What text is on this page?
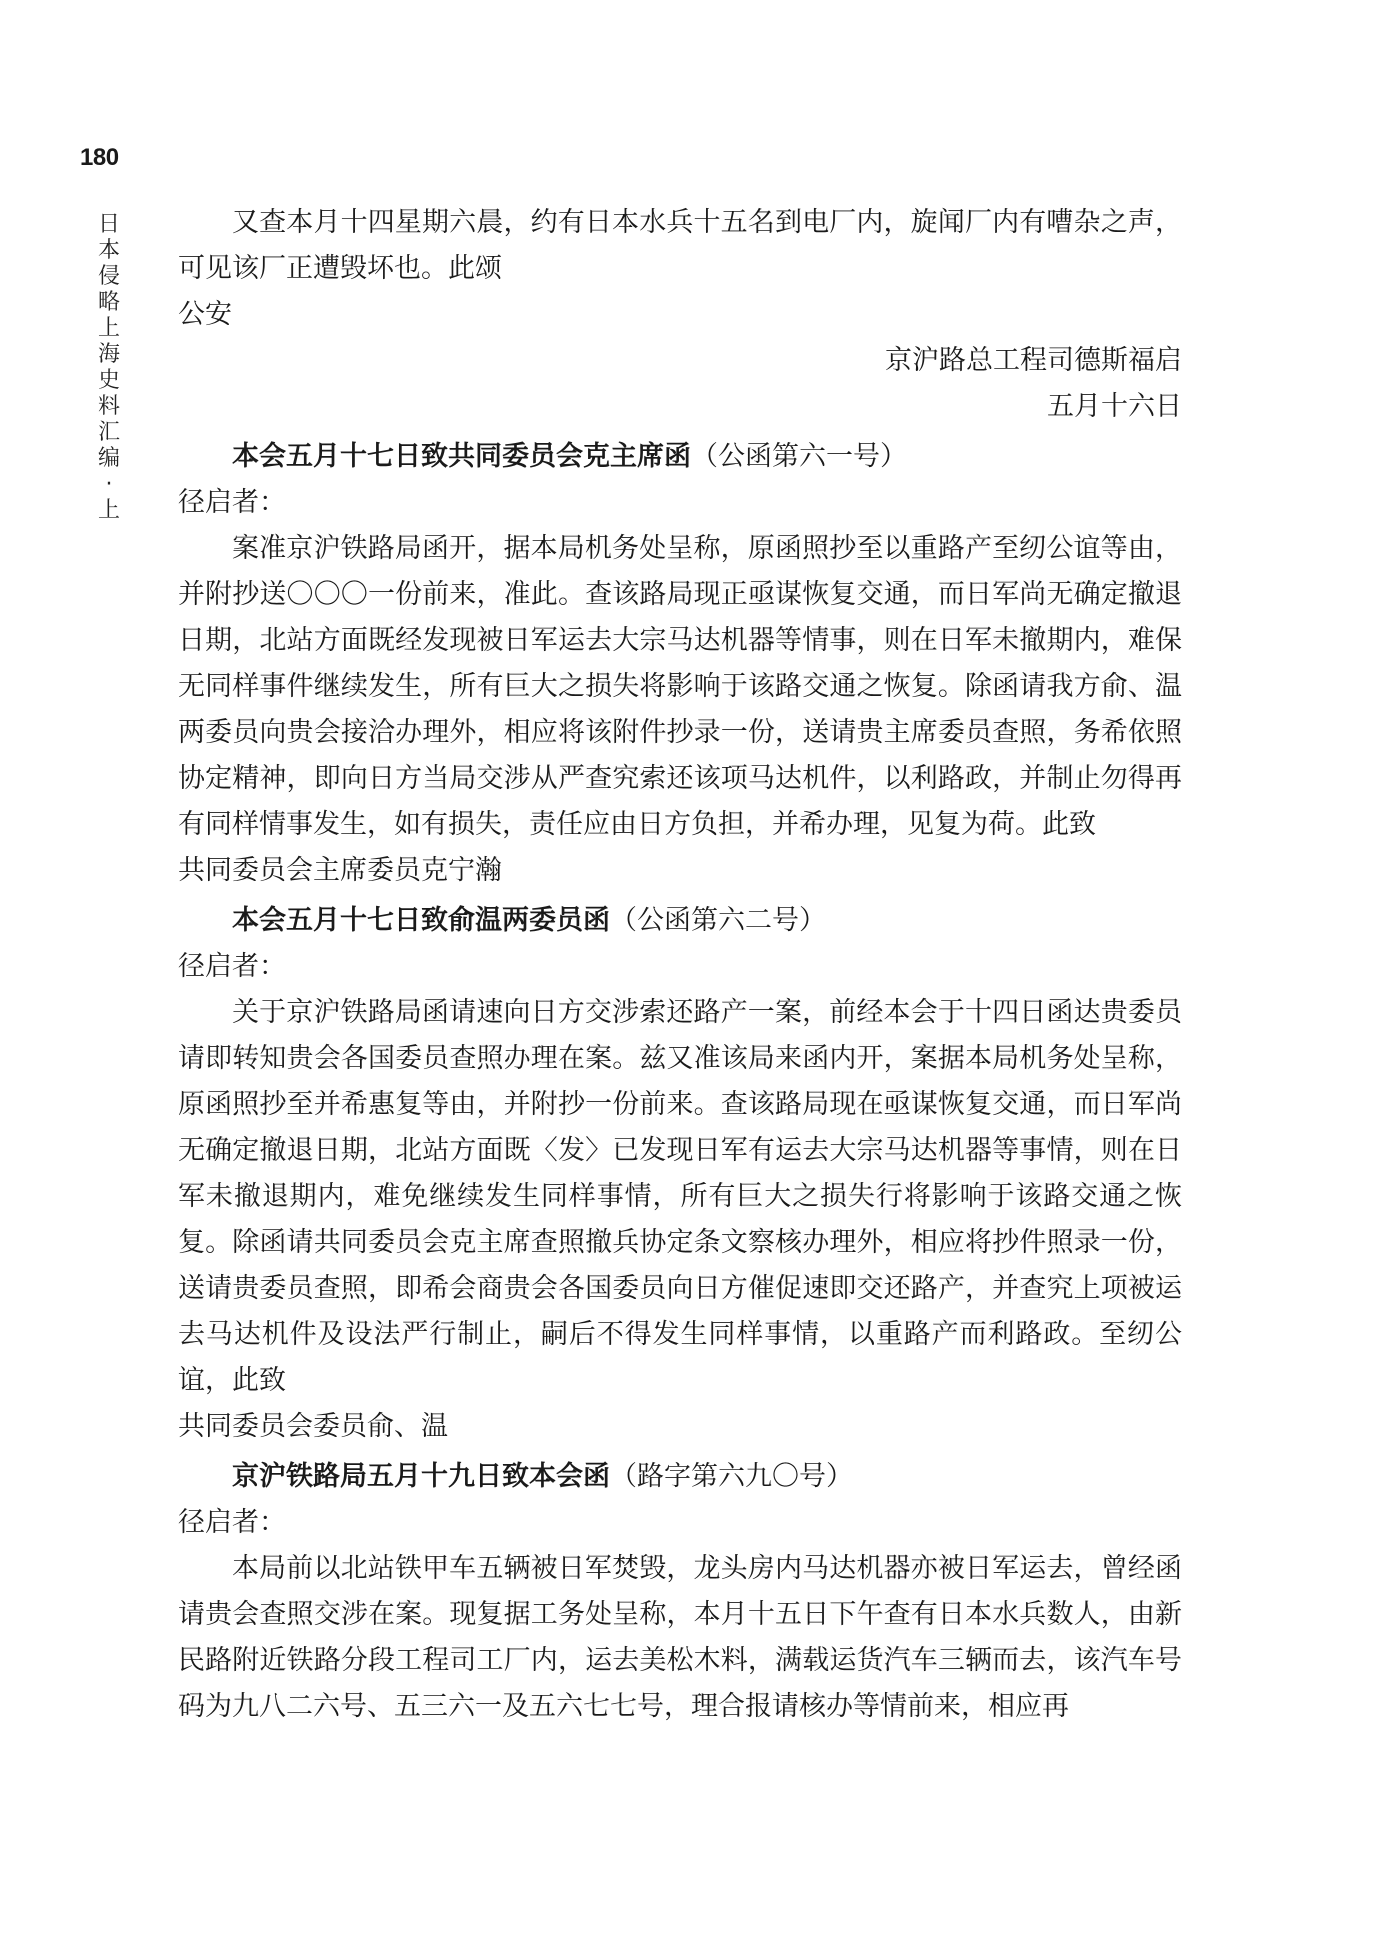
180
日本侵略上海史料汇编·上

又查本月十四星期六晨，约有日本水兵十五名到电厂内，旋闻厂内有嘈杂之声，可见该厂正遭毁坏也。此颂

公安

京沪路总工程司德斯福启

五月十六日

本会五月十七日致共同委员会克主席函（公函第六一号）

径启者：

案准京沪铁路局函开，据本局机务处呈称，原函照抄至以重路产至纫公谊等由，并附抄送〇〇〇一份前来，准此。查该路局现正亟谋恢复交通，而日军尚无确定撤退日期，北站方面既经发现被日军运去大宗马达机器等情事，则在日军未撤期内，难保无同样事件继续发生，所有巨大之损失将影响于该路交通之恢复。除函请我方俞、温两委员向贵会接洽办理外，相应将该附件抄录一份，送请贵主席委员查照，务希依照协定精神，即向日方当局交涉从严查究索还该项马达机件，以利路政，并制止勿得再有同样情事发生，如有损失，责任应由日方负担，并希办理，见复为荷。此致

共同委员会主席委员克宁瀚

本会五月十七日致俞温两委员函（公函第六二号）

径启者：

关于京沪铁路局函请速向日方交涉索还路产一案，前经本会于十四日函达贵委员请即转知贵会各国委员查照办理在案。兹又准该局来函内开，案据本局机务处呈称，原函照抄至并希惠复等由，并附抄一份前来。查该路局现在亟谋恢复交通，而日军尚无确定撤退日期，北站方面既〈发〉已发现日军有运去大宗马达机器等事情，则在日军未撤退期内，难免继续发生同样事情，所有巨大之损失行将影响于该路交通之恢复。除函请共同委员会克主席查照撤兵协定条文察核办理外，相应将抄件照录一份，送请贵委员查照，即希会商贵会各国委员向日方催促速即交还路产，并查究上项被运去马达机件及设法严行制止，嗣后不得发生同样事情，以重路产而利路政。至纫公谊，此致

共同委员会委员俞、温

京沪铁路局五月十九日致本会函（路字第六九〇号）

径启者：

本局前以北站铁甲车五辆被日军焚毁，龙头房内马达机器亦被日军运去，曾经函请贵会查照交涉在案。现复据工务处呈称，本月十五日下午查有日本水兵数人，由新民路附近铁路分段工程司工厂内，运去美松木料，满载运货汽车三辆而去，该汽车号码为九八二六号、五三六一及五六七七号，理合报请核办等情前来，相应再
